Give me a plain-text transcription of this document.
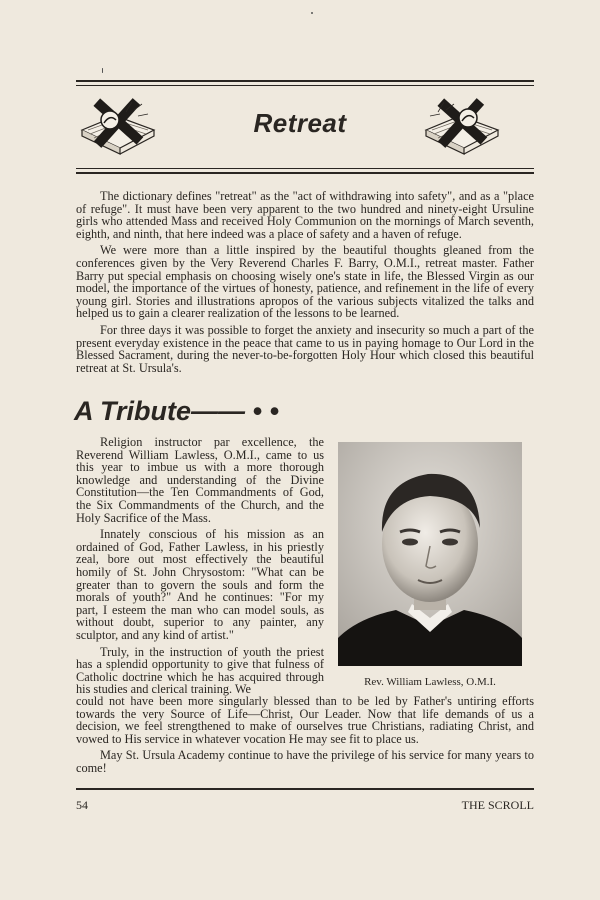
Retreat

The dictionary defines "retreat" as the "act of withdrawing into safety", and as a "place of refuge". It must have been very apparent to the two hundred and ninety-eight Ursuline girls who attended Mass and received Holy Communion on the mornings of March seventh, eighth, and ninth, that here indeed was a place of safety and a haven of refuge.

We were more than a little inspired by the beautiful thoughts gleaned from the conferences given by the Very Reverend Charles F. Barry, O.M.I., retreat master. Father Barry put special emphasis on choosing wisely one's state in life, the Blessed Virgin as our model, the importance of the virtues of honesty, patience, and refinement in the life of every young girl. Stories and illustrations apropos of the various subjects vitalized the talks and helped us to gain a clearer realization of the lessons to be learned.

For three days it was possible to forget the anxiety and insecurity so much a part of the present everyday existence in the peace that came to us in paying homage to Our Lord in the Blessed Sacrament, during the never-to-be-forgotten Holy Hour which closed this beautiful retreat at St. Ursula's.

A Tribute—— • •

Religion instructor par excellence, the Reverend William Lawless, O.M.I., came to us this year to imbue us with a more thorough knowledge and understanding of the Divine Constitution—the Ten Commandments of God, the Six Commandments of the Church, and the Holy Sacrifice of the Mass.

Innately conscious of his mission as an ordained of God, Father Lawless, in his priestly zeal, bore out most effectively the beautiful homily of St. John Chrysostom: "What can be greater than to govern the souls and form the morals of youth?" And he continues: "For my part, I esteem the man who can model souls, as without doubt, superior to any painter, any sculptor, and any kind of artist."

Truly, in the instruction of youth the priest has a splendid opportunity to give that fulness of Catholic doctrine which he has acquired through his studies and clerical training. We

Rev. William Lawless, O.M.I.

could not have been more singularly blessed than to be led by Father's untiring efforts towards the very Source of Life—Christ, Our Leader. Now that life demands of us a decision, we feel strengthened to make of ourselves true Christians, radiating Christ, and vowed to His service in whatever vocation He may see fit to place us.

May St. Ursula Academy continue to have the privilege of his service for many years to come!

54	THE SCROLL
